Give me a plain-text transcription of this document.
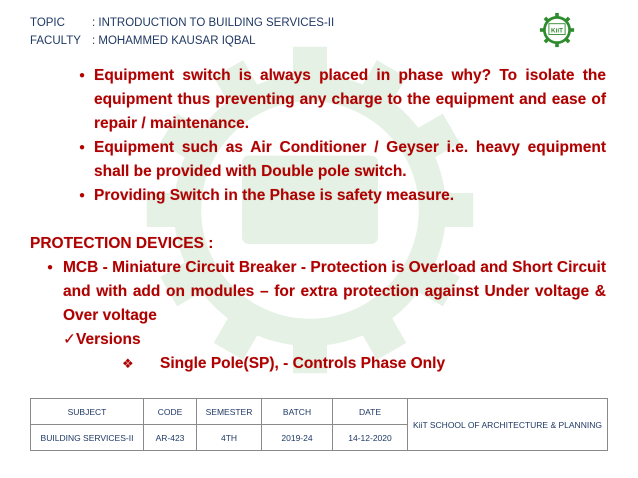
TOPIC	: INTRODUCTION TO BUILDING SERVICES-II
FACULTY : MOHAMMED KAUSAR IQBAL
KiiT
● Equipment switch is always placed in phase why? To isolate the equipment thus preventing any charge to the equipment and ease of repair / maintenance.
● Equipment such as Air Conditioner / Geyser i.e. heavy equipment shall be provided with Double pole switch.
● Providing Switch in the Phase is safety measure.
PROTECTION DEVICES :
● MCB - Miniature Circuit Breaker - Protection is Overload and Short Circuit and with add on modules – for extra protection against Under voltage & Over voltage
✓ Versions
❖ Single Pole(SP), - Controls Phase Only
SUBJECT	CODE	SEMESTER	BATCH	DATE	KiiT SCHOOL OF ARCHITECTURE & PLANNING
BUILDING SERVICES-II	AR-423	4TH	2019-24	14-12-2020	
